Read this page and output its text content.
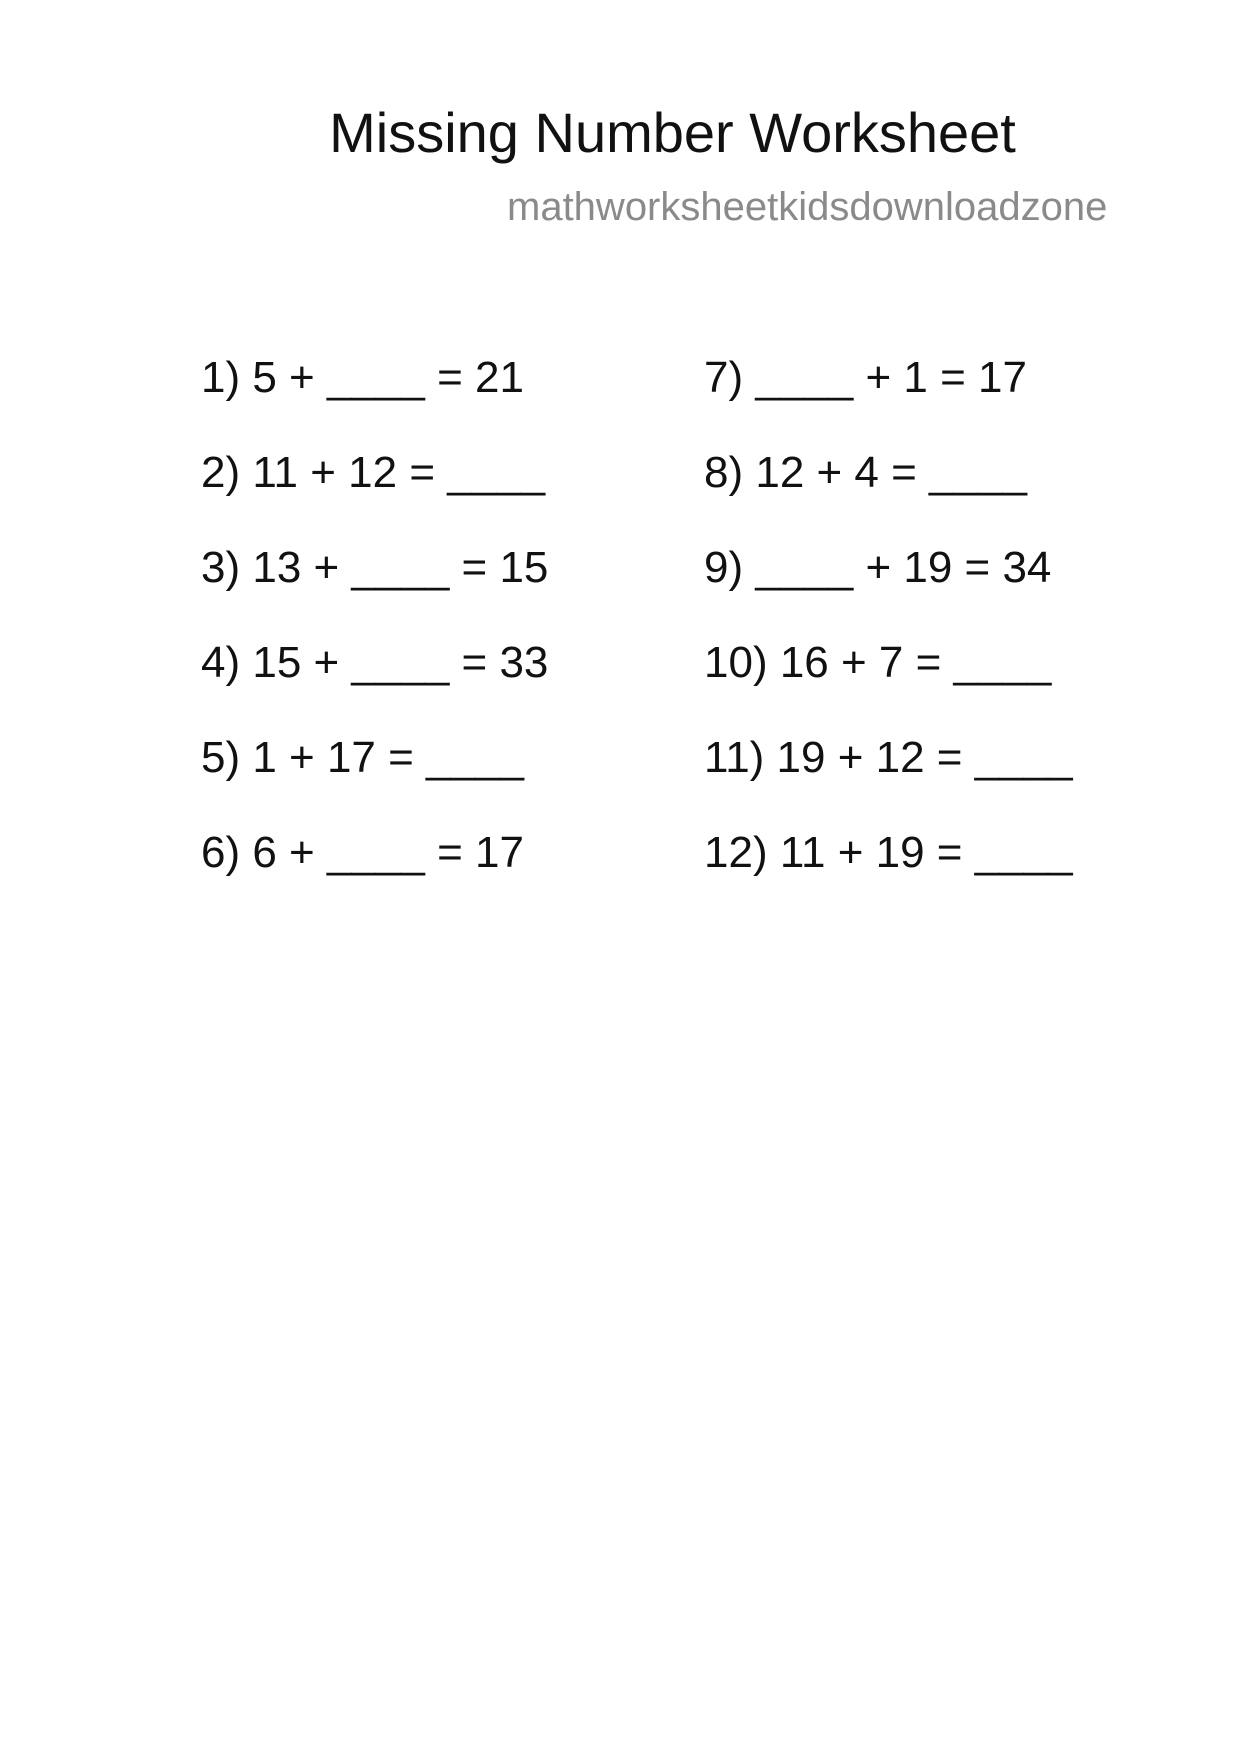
Missing Number Worksheet
mathworksheetkidsdownloadzone
1) 5 + ____ = 21
2) 11 + 12 = ____
3) 13 + ____ = 15
4) 15 + ____ = 33
5) 1 + 17 = ____
6) 6 + ____ = 17
7) ____ + 1 = 17
8) 12 + 4 = ____
9) ____ + 19 = 34
10) 16 + 7 = ____
11) 19 + 12 = ____
12) 11 + 19 = ____
